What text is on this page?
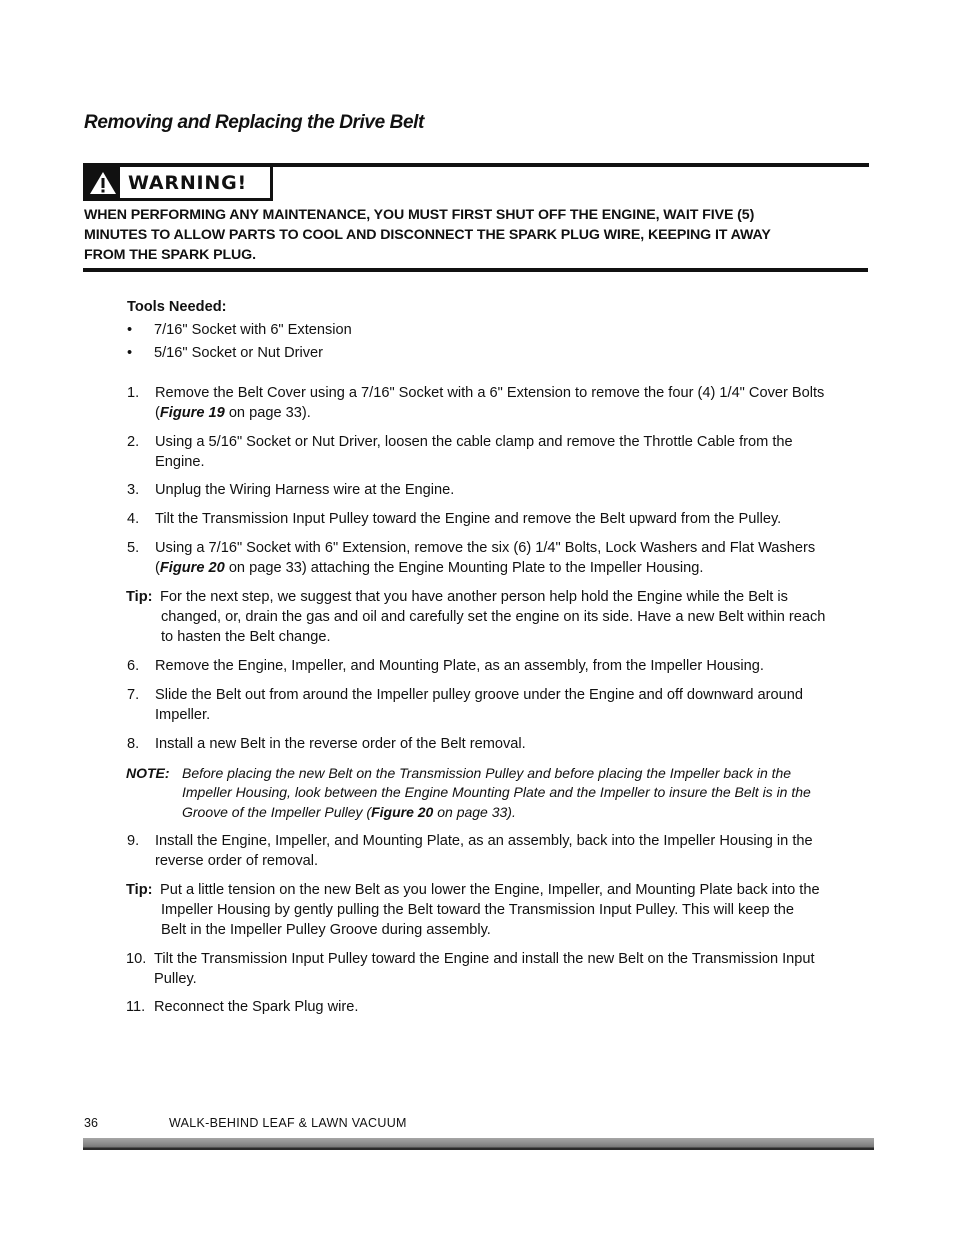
Removing and Replacing the Drive Belt
WARNING!
WHEN PERFORMING ANY MAINTENANCE, YOU MUST FIRST SHUT OFF THE ENGINE, WAIT FIVE (5)
MINUTES TO ALLOW PARTS TO COOL AND DISCONNECT THE SPARK PLUG WIRE, KEEPING IT AWAY
FROM THE SPARK PLUG.
Tools Needed:
• 7/16" Socket with 6" Extension
• 5/16" Socket or Nut Driver
1. Remove the Belt Cover using a 7/16" Socket with a 6" Extension to remove the four (4) 1/4" Cover Bolts
(Figure 19 on page 33).
2. Using a 5/16" Socket or Nut Driver, loosen the cable clamp and remove the Throttle Cable from the
Engine.
3. Unplug the Wiring Harness wire at the Engine.
4. Tilt the Transmission Input Pulley toward the Engine and remove the Belt upward from the Pulley.
5. Using a 7/16" Socket with 6" Extension, remove the six (6) 1/4" Bolts, Lock Washers and Flat Washers
(Figure 20 on page 33) attaching the Engine Mounting Plate to the Impeller Housing.
Tip: For the next step, we suggest that you have another person help hold the Engine while the Belt is
changed, or, drain the gas and oil and carefully set the engine on its side. Have a new Belt within reach
to hasten the Belt change.
6. Remove the Engine, Impeller, and Mounting Plate, as an assembly, from the Impeller Housing.
7. Slide the Belt out from around the Impeller pulley groove under the Engine and off downward around
Impeller.
8. Install a new Belt in the reverse order of the Belt removal.
NOTE: Before placing the new Belt on the Transmission Pulley and before placing the Impeller back in the
Impeller Housing, look between the Engine Mounting Plate and the Impeller to insure the Belt is in the
Groove of the Impeller Pulley (Figure 20 on page 33).
9. Install the Engine, Impeller, and Mounting Plate, as an assembly, back into the Impeller Housing in the
reverse order of removal.
Tip: Put a little tension on the new Belt as you lower the Engine, Impeller, and Mounting Plate back into the
Impeller Housing by gently pulling the Belt toward the Transmission Input Pulley. This will keep the
Belt in the Impeller Pulley Groove during assembly.
10. Tilt the Transmission Input Pulley toward the Engine and install the new Belt on the Transmission Input
Pulley.
11. Reconnect the Spark Plug wire.
36	WALK-BEHIND LEAF & LAWN VACUUM
